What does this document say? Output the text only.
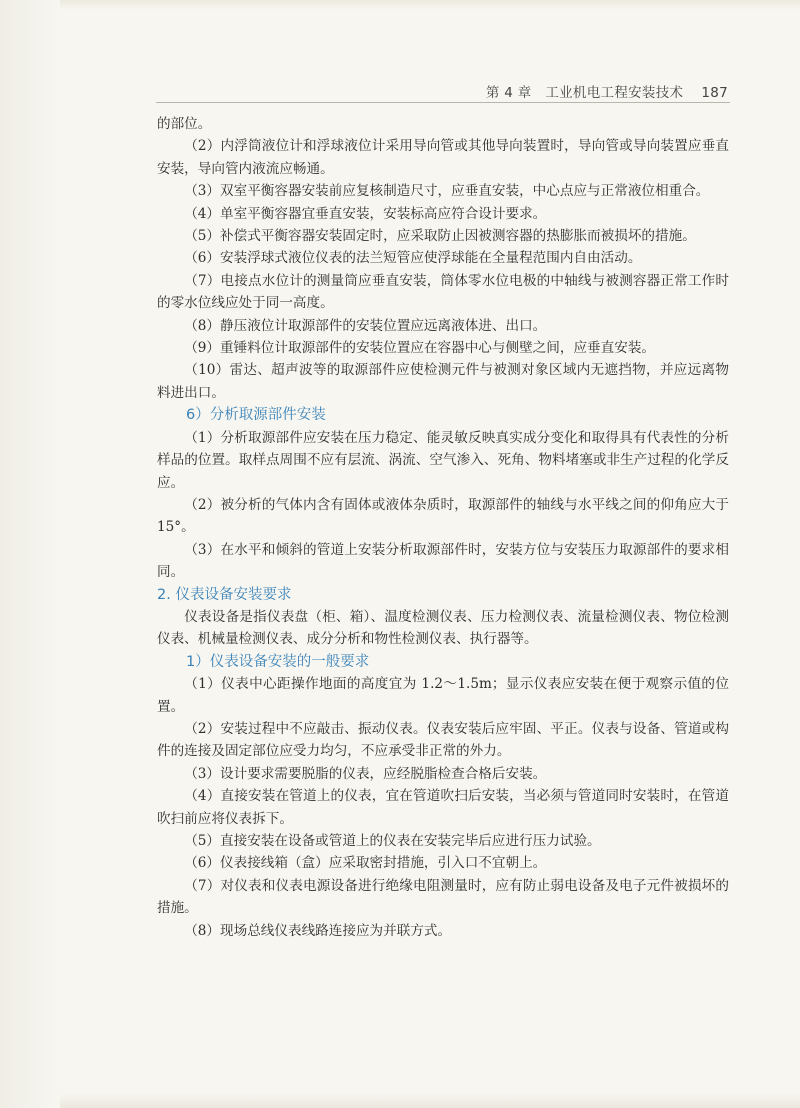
第 4 章　工业机电工程安装技术 187

的部位。

（2）内浮筒液位计和浮球液位计采用导向管或其他导向装置时，导向管或导向装置应垂直安装，导向管内液流应畅通。

（3）双室平衡容器安装前应复核制造尺寸，应垂直安装，中心点应与正常液位相重合。

（4）单室平衡容器宜垂直安装，安装标高应符合设计要求。

（5）补偿式平衡容器安装固定时，应采取防止因被测容器的热膨胀而被损坏的措施。

（6）安装浮球式液位仪表的法兰短管应使浮球能在全量程范围内自由活动。

（7）电接点水位计的测量筒应垂直安装，筒体零水位电极的中轴线与被测容器正常工作时的零水位线应处于同一高度。

（8）静压液位计取源部件的安装位置应远离液体进、出口。

（9）重锤料位计取源部件的安装位置应在容器中心与侧壁之间，应垂直安装。

（10）雷达、超声波等的取源部件应使检测元件与被测对象区域内无遮挡物，并应远离物料进出口。

6）分析取源部件安装

（1）分析取源部件应安装在压力稳定、能灵敏反映真实成分变化和取得具有代表性的分析样品的位置。取样点周围不应有层流、涡流、空气渗入、死角、物料堵塞或非生产过程的化学反应。

（2）被分析的气体内含有固体或液体杂质时，取源部件的轴线与水平线之间的仰角应大于 15°。

（3）在水平和倾斜的管道上安装分析取源部件时，安装方位与安装压力取源部件的要求相同。

2. 仪表设备安装要求

仪表设备是指仪表盘（柜、箱）、温度检测仪表、压力检测仪表、流量检测仪表、物位检测仪表、机械量检测仪表、成分分析和物性检测仪表、执行器等。

1）仪表设备安装的一般要求

（1）仪表中心距操作地面的高度宜为 1.2～1.5m；显示仪表应安装在便于观察示值的位置。

（2）安装过程中不应敲击、振动仪表。仪表安装后应牢固、平正。仪表与设备、管道或构件的连接及固定部位应受力均匀，不应承受非正常的外力。

（3）设计要求需要脱脂的仪表，应经脱脂检查合格后安装。

（4）直接安装在管道上的仪表，宜在管道吹扫后安装，当必须与管道同时安装时，在管道吹扫前应将仪表拆下。

（5）直接安装在设备或管道上的仪表在安装完毕后应进行压力试验。

（6）仪表接线箱（盒）应采取密封措施，引入口不宜朝上。

（7）对仪表和仪表电源设备进行绝缘电阻测量时，应有防止弱电设备及电子元件被损坏的措施。

（8）现场总线仪表线路连接应为并联方式。
